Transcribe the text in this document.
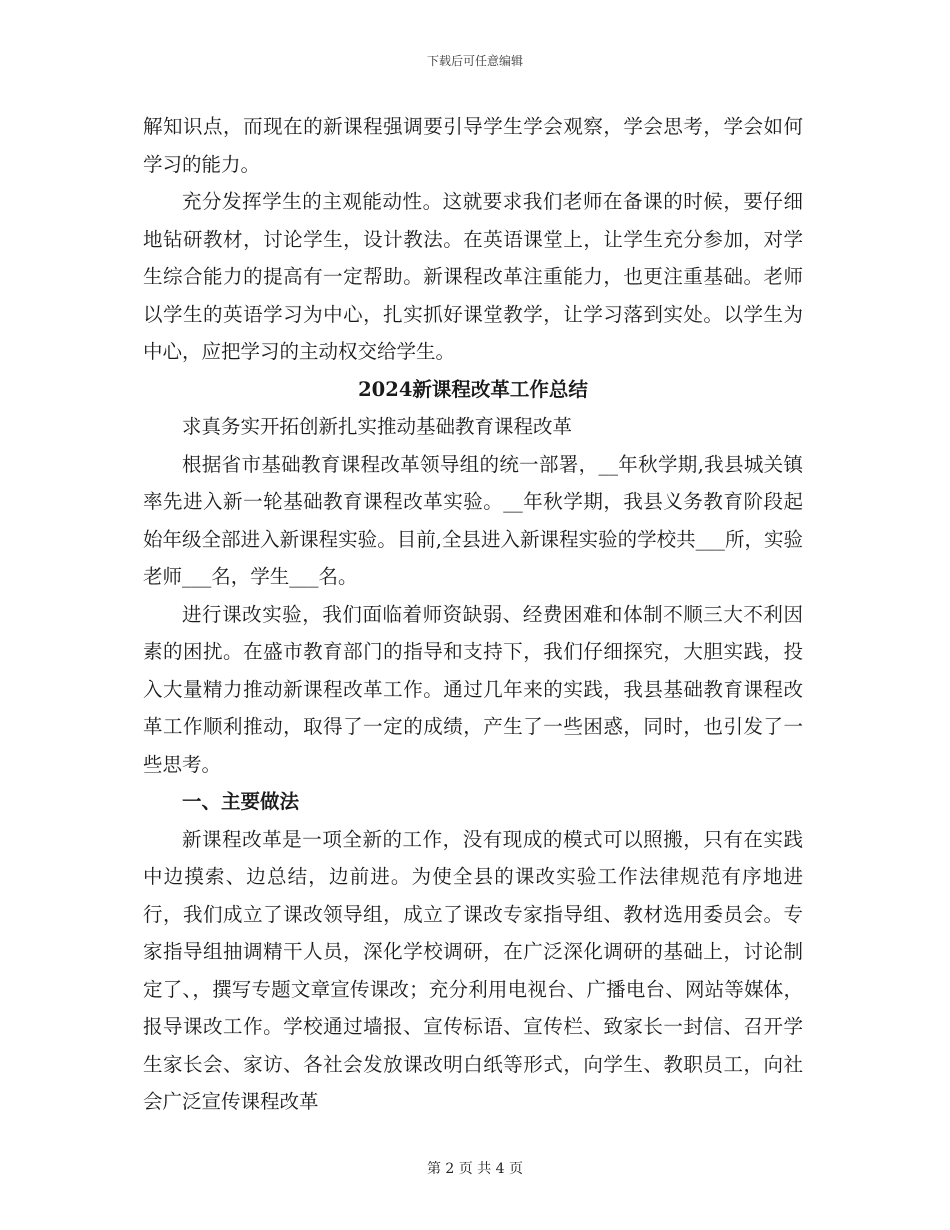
下载后可任意编辑

解知识点，而现在的新课程强调要引导学生学会观察，学会思考，学会如何学习的能力。

充分发挥学生的主观能动性。这就要求我们老师在备课的时候，要仔细地钻研教材，讨论学生，设计教法。在英语课堂上，让学生充分参加，对学生综合能力的提高有一定帮助。新课程改革注重能力，也更注重基础。老师以学生的英语学习为中心，扎实抓好课堂教学，让学习落到实处。以学生为中心，应把学习的主动权交给学生。

2024新课程改革工作总结

求真务实开拓创新扎实推动基础教育课程改革

根据省市基础教育课程改革领导组的统一部署，__年秋学期,我县城关镇率先进入新一轮基础教育课程改革实验。__年秋学期，我县义务教育阶段起始年级全部进入新课程实验。目前,全县进入新课程实验的学校共___所，实验老师___名，学生___名。

进行课改实验，我们面临着师资缺弱、经费困难和体制不顺三大不利因素的困扰。在盛市教育部门的指导和支持下，我们仔细探究，大胆实践，投入大量精力推动新课程改革工作。通过几年来的实践，我县基础教育课程改革工作顺利推动，取得了一定的成绩，产生了一些困惑，同时，也引发了一些思考。

一、主要做法

新课程改革是一项全新的工作，没有现成的模式可以照搬，只有在实践中边摸索、边总结，边前进。为使全县的课改实验工作法律规范有序地进行，我们成立了课改领导组，成立了课改专家指导组、教材选用委员会。专家指导组抽调精干人员，深化学校调研，在广泛深化调研的基础上，讨论制定了、，撰写专题文章宣传课改；充分利用电视台、广播电台、网站等媒体，报导课改工作。学校通过墙报、宣传标语、宣传栏、致家长一封信、召开学生家长会、家访、各社会发放课改明白纸等形式，向学生、教职员工，向社会广泛宣传课程改革

第 2 页 共 4 页
